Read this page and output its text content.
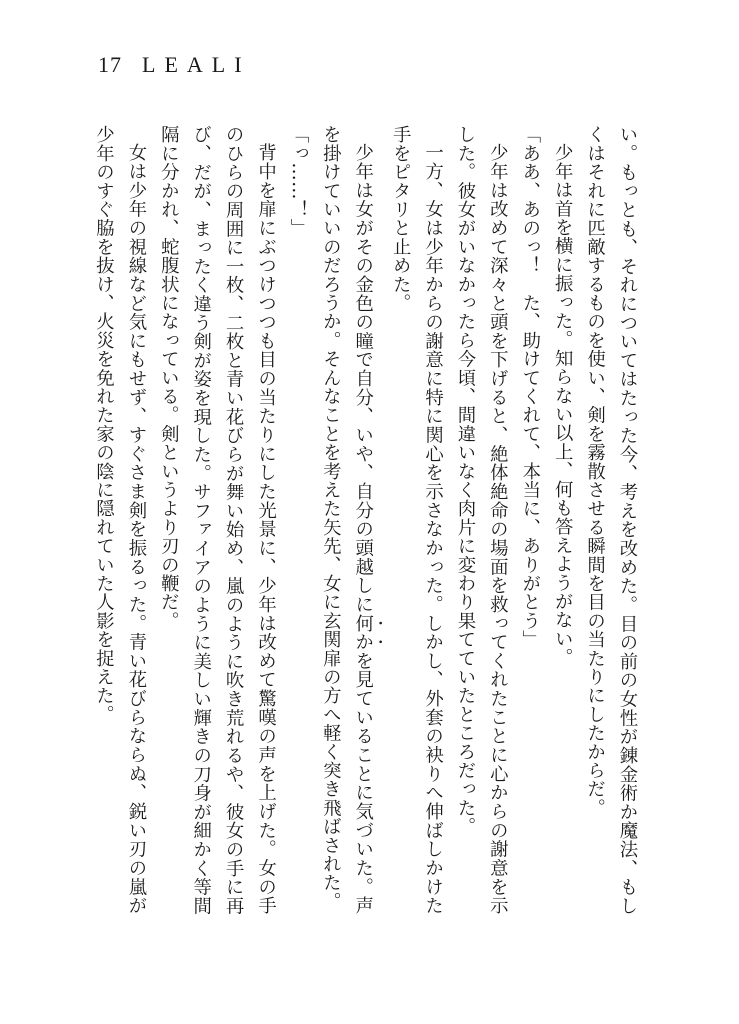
17 LEALI

い。もっとも、それについてはたった今、考えを改めた。目の前の女性が錬金術か魔法、もしくはそれに匹敵するものを使い、剣を霧散させる瞬間を目の当たりにしたからだ。

少年は首を横に振った。知らない以上、何も答えようがない。

「ああ、あのっ！　た、助けてくれて、本当に、ありがとう」

少年は改めて深々と頭を下げると、絶体絶命の場面を救ってくれたことに心からの謝意を示した。彼女がいなかったら今頃、間違いなく肉片に変わり果てていたところだった。

一方、女は少年からの謝意に特に関心を示さなかった。しかし、外套の袂りへ伸ばしかけた手をピタリと止めた。

少年は女がその金色の瞳で自分、いや、自分の頭越しに何かを見ていることに気づいた。声を掛けていいのだろうか。そんなことを考えた矢先、女に玄関扉の方へ軽く突き飛ばされた。

「っ……！」

背中を扉にぶつけつつも目の当たりにした光景に、少年は改めて驚嘆の声を上げた。女の手のひらの周囲に一枚、二枚と青い花びらが舞い始め、嵐のように吹き荒れるや、彼女の手に再び、だが、まったく違う剣が姿を現した。サファイアのように美しい輝きの刀身が細かく等間隔に分かれ、蛇腹状になっている。剣というより刃の鞭だ。

女は少年の視線など気にもせず、すぐさま剣を振るった。青い花びらならぬ、鋭い刃の嵐が少年のすぐ脇を抜け、火災を免れた家の陰に隠れていた人影を捉えた。
